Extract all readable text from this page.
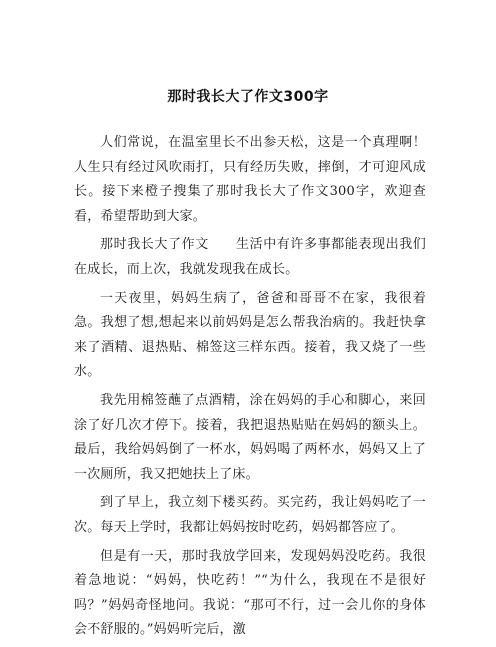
那时我长大了作文300字

人们常说，在温室里长不出参天松，这是一个真理啊！人生只有经过风吹雨打，只有经历失败，摔倒，才可迎风成长。接下来橙子搜集了那时我长大了作文300字，欢迎查看，希望帮助到大家。

那时我长大了作文　　生活中有许多事都能表现出我们在成长，而上次，我就发现我在成长。

一天夜里，妈妈生病了，爸爸和哥哥不在家，我很着急。我想了想,想起来以前妈妈是怎么帮我治病的。我赶快拿来了酒精、退热贴、棉签这三样东西。接着，我又烧了一些水。

我先用棉签蘸了点酒精，涂在妈妈的手心和脚心，来回涂了好几次才停下。接着，我把退热贴贴在妈妈的额头上。最后，我给妈妈倒了一杯水，妈妈喝了两杯水，妈妈又上了一次厕所，我又把她扶上了床。

到了早上，我立刻下楼买药。买完药，我让妈妈吃了一次。每天上学时，我都让妈妈按时吃药，妈妈都答应了。

但是有一天，那时我放学回来，发现妈妈没吃药。我很着急地说：“妈妈，快吃药！”“为什么，我现在不是很好吗？”妈妈奇怪地问。我说：“那可不行，过一会儿你的身体会不舒服的。”妈妈听完后，激
